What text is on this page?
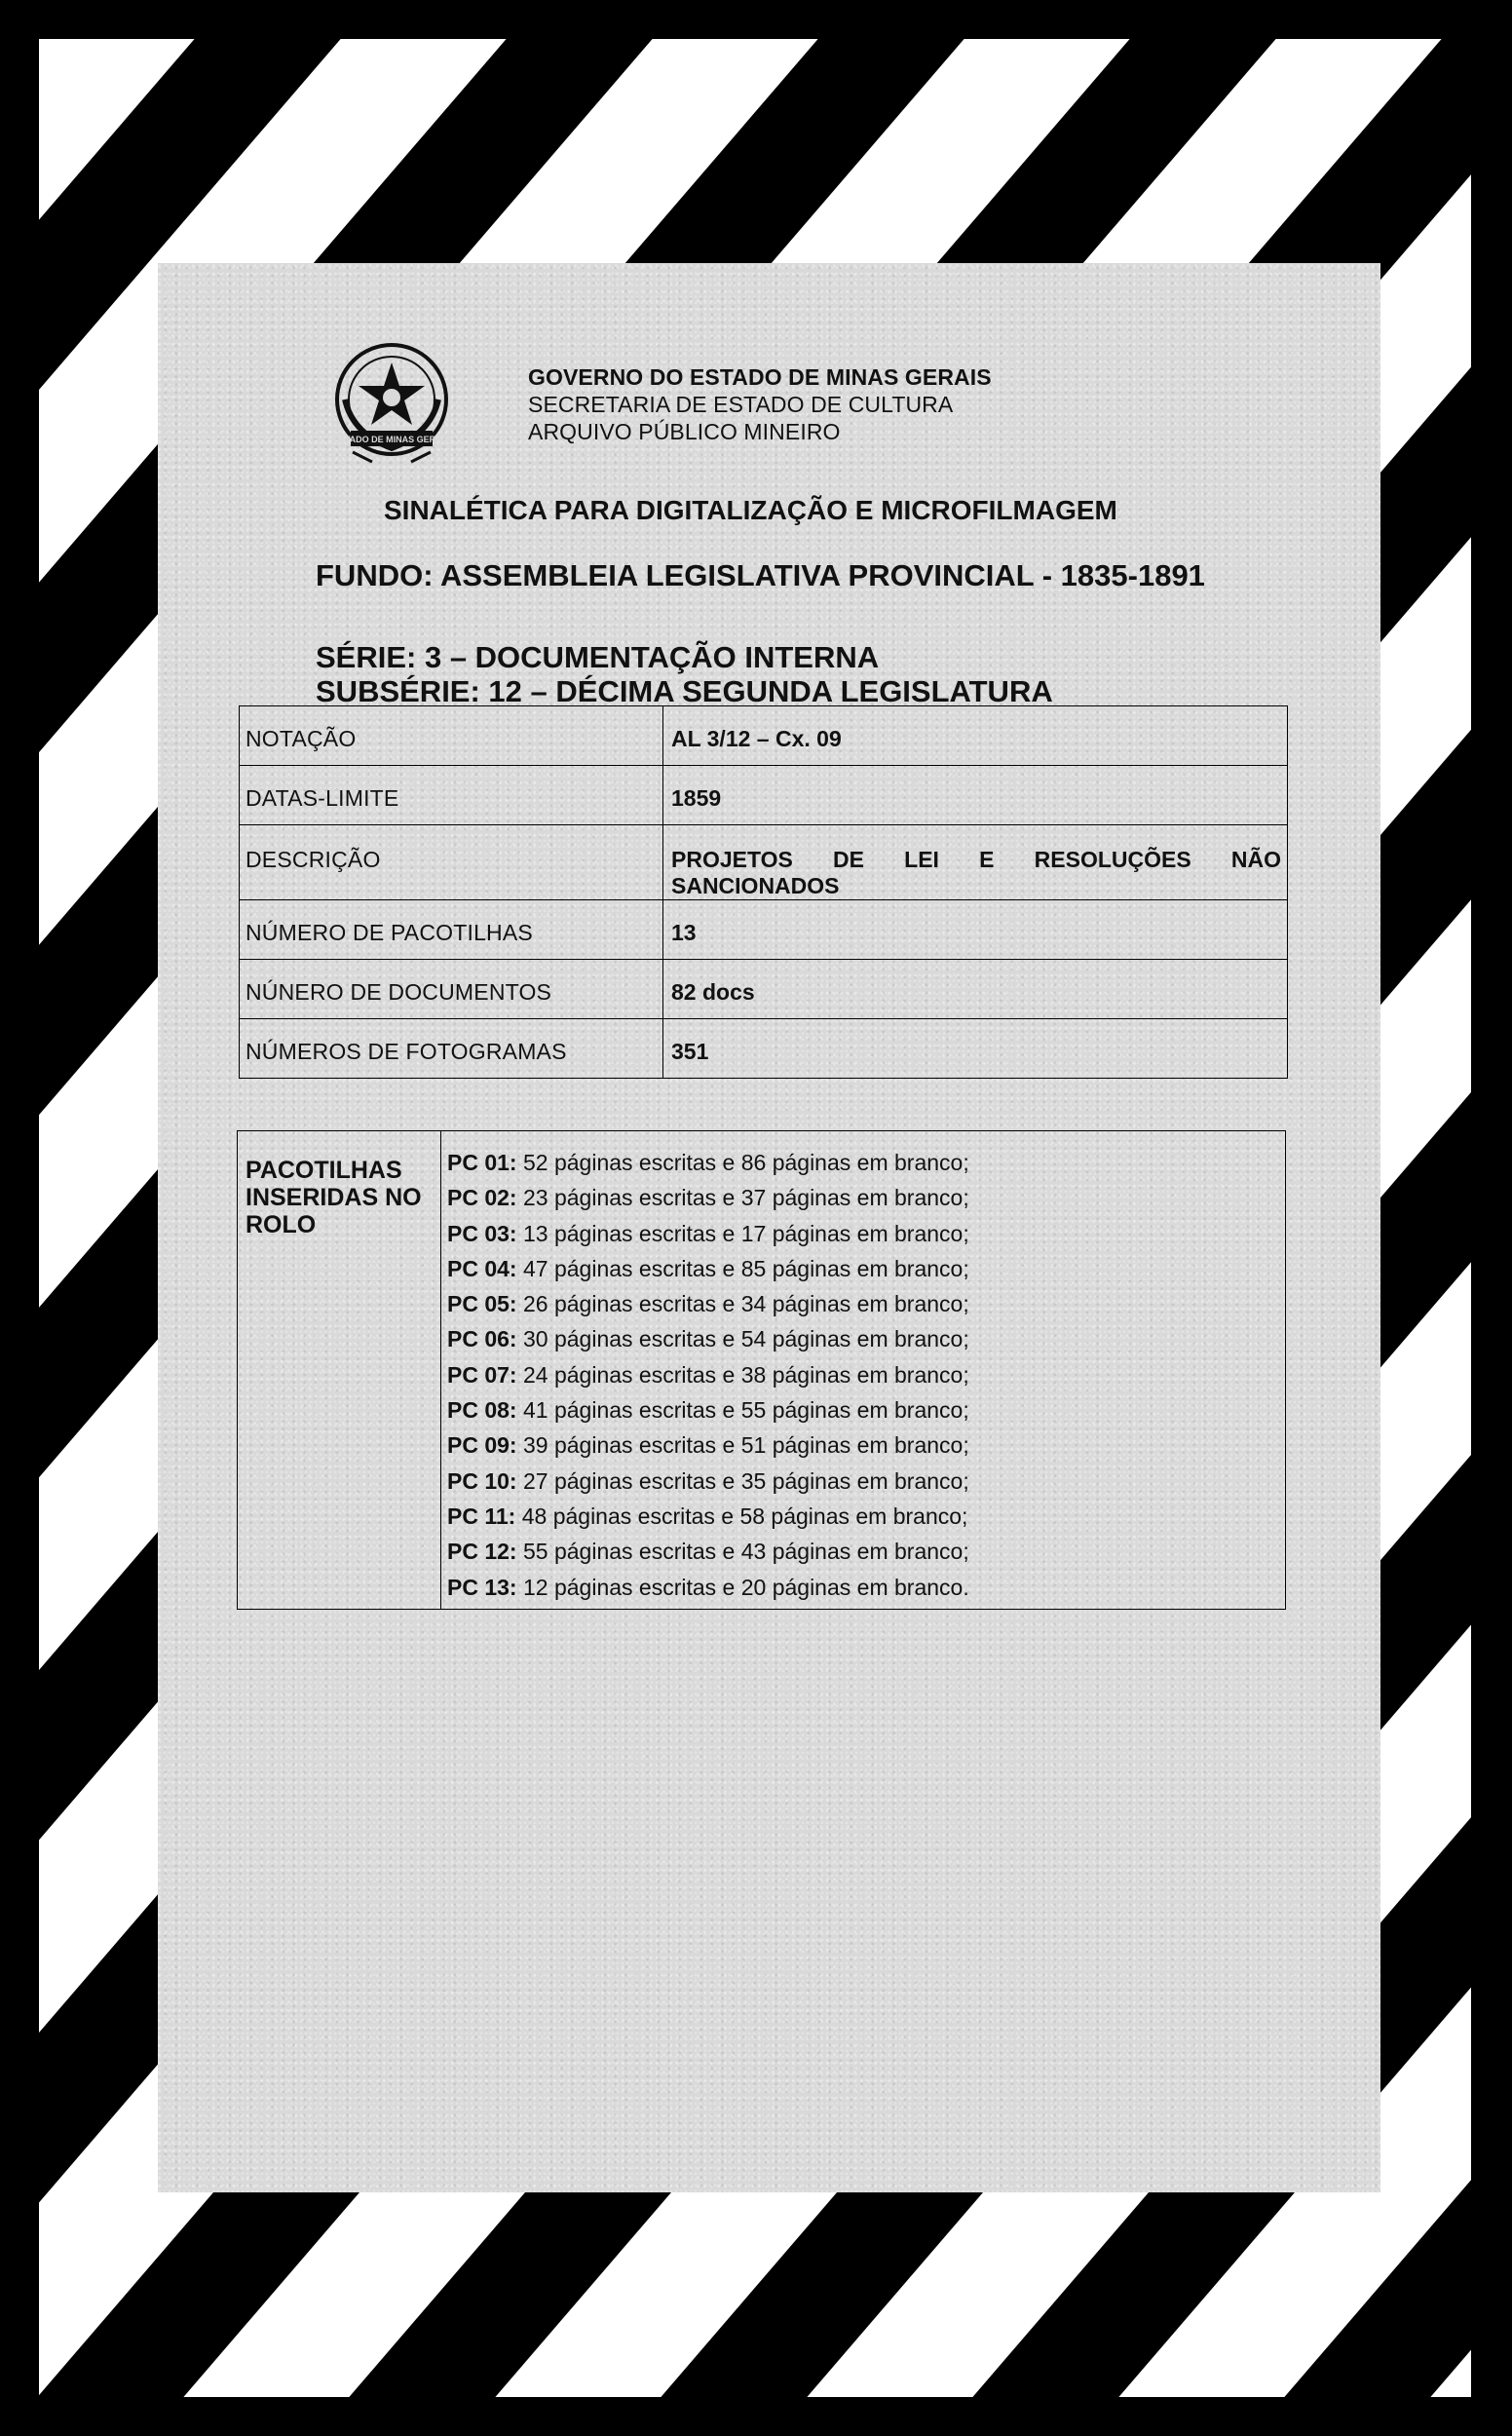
ESTADO DE MINAS GERAIS
GOVERNO DO ESTADO DE MINAS GERAIS
SECRETARIA DE ESTADO DE CULTURA
ARQUIVO PÚBLICO MINEIRO
SINALÉTICA PARA DIGITALIZAÇÃO E MICROFILMAGEM
FUNDO: ASSEMBLEIA LEGISLATIVA PROVINCIAL - 1835-1891
SÉRIE: 3 – DOCUMENTAÇÃO INTERNA
SUBSÉRIE: 12 – DÉCIMA SEGUNDA LEGISLATURA
NOTAÇÃO	AL 3/12 – Cx. 09

DATAS-LIMITE	1859

DESCRIÇÃO	PROJETOS DE LEI E RESOLUÇÕES NÃO SANCIONADOS

NÚMERO DE PACOTILHAS	13

NÚNERO DE DOCUMENTOS	82 docs

NÚMEROS DE FOTOGRAMAS	351
PACOTILHAS INSERIDAS NO ROLO	
PC 01: 52 páginas escritas e 86 páginas em branco;
PC 02: 23 páginas escritas e 37 páginas em branco;
PC 03: 13 páginas escritas e 17 páginas em branco;
PC 04: 47 páginas escritas e 85 páginas em branco;
PC 05: 26 páginas escritas e 34 páginas em branco;
PC 06: 30 páginas escritas e 54 páginas em branco;
PC 07: 24 páginas escritas e 38 páginas em branco;
PC 08: 41 páginas escritas e 55 páginas em branco;
PC 09: 39 páginas escritas e 51 páginas em branco;
PC 10: 27 páginas escritas e 35 páginas em branco;
PC 11: 48 páginas escritas e 58 páginas em branco;
PC 12: 55 páginas escritas e 43 páginas em branco;
PC 13: 12 páginas escritas e 20 páginas em branco.
